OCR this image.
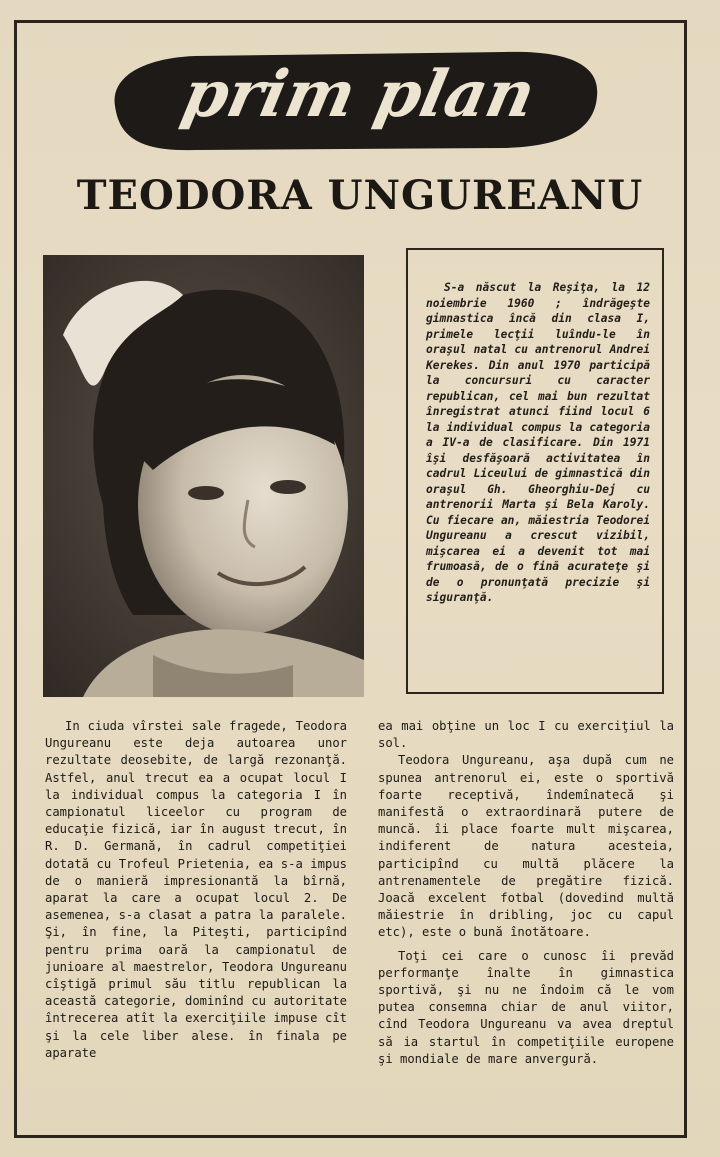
prim plan
TEODORA UNGUREANU

S-a născut la Reşiţa, la 12 noiembrie 1960 ; îndrăgeşte gimnastica încă din clasa I, primele lecţii luîndu-le în oraşul natal cu antrenorul Andrei Kerekes. Din anul 1970 participă la concursuri cu caracter republican, cel mai bun rezultat înregistrat atunci fiind locul 6 la individual compus la categoria a IV-a de clasificare. Din 1971 îşi desfăşoară activitatea în cadrul Liceului de gimnastică din oraşul Gh. Gheorghiu-Dej cu antrenorii Marta şi Bela Karoly. Cu fiecare an, măiestria Teodorei Ungureanu a crescut vizibil, mişcarea ei a devenit tot mai frumoasă, de o fină acurateţe şi de o pronunţată precizie şi siguranţă.

In ciuda vîrstei sale fragede, Teodora Ungureanu este deja autoarea unor rezultate deosebite, de largă rezonanţă. Astfel, anul trecut ea a ocupat locul I la individual compus la categoria I în campionatul liceelor cu program de educaţie fizică, iar în august trecut, în R. D. Germană, în cadrul competiţiei dotată cu Trofeul Prietenia, ea s-a impus de o manieră impresionantă la bîrnă, aparat la care a ocupat locul 2. De asemenea, s-a clasat a patra la paralele. Şi, în fine, la Piteşti, participînd pentru prima oară la campionatul de junioare al maestrelor, Teodora Ungureanu cîştigă primul său titlu republican la această categorie, dominînd cu autoritate întrecerea atît la exerciţiile impuse cît şi la cele liber alese. în finala pe aparate

ea mai obţine un loc I cu exerciţiul la sol.

Teodora Ungureanu, aşa după cum ne spunea antrenorul ei, este o sportivă foarte receptivă, îndemînatecă şi manifestă o extraordinară putere de muncă. îi place foarte mult mişcarea, indiferent de natura acesteia, participînd cu multă plăcere la antrenamentele de pregătire fizică. Joacă excelent fotbal (dovedind multă măiestrie în dribling, joc cu capul etc), este o bună înotătoare.

Toţi cei care o cunosc îi prevăd performanţe înalte în gimnastica sportivă, şi nu ne îndoim că le vom putea consemna chiar de anul viitor, cînd Teodora Ungureanu va avea dreptul să ia startul în competiţiile europene şi mondiale de mare anvergură.
